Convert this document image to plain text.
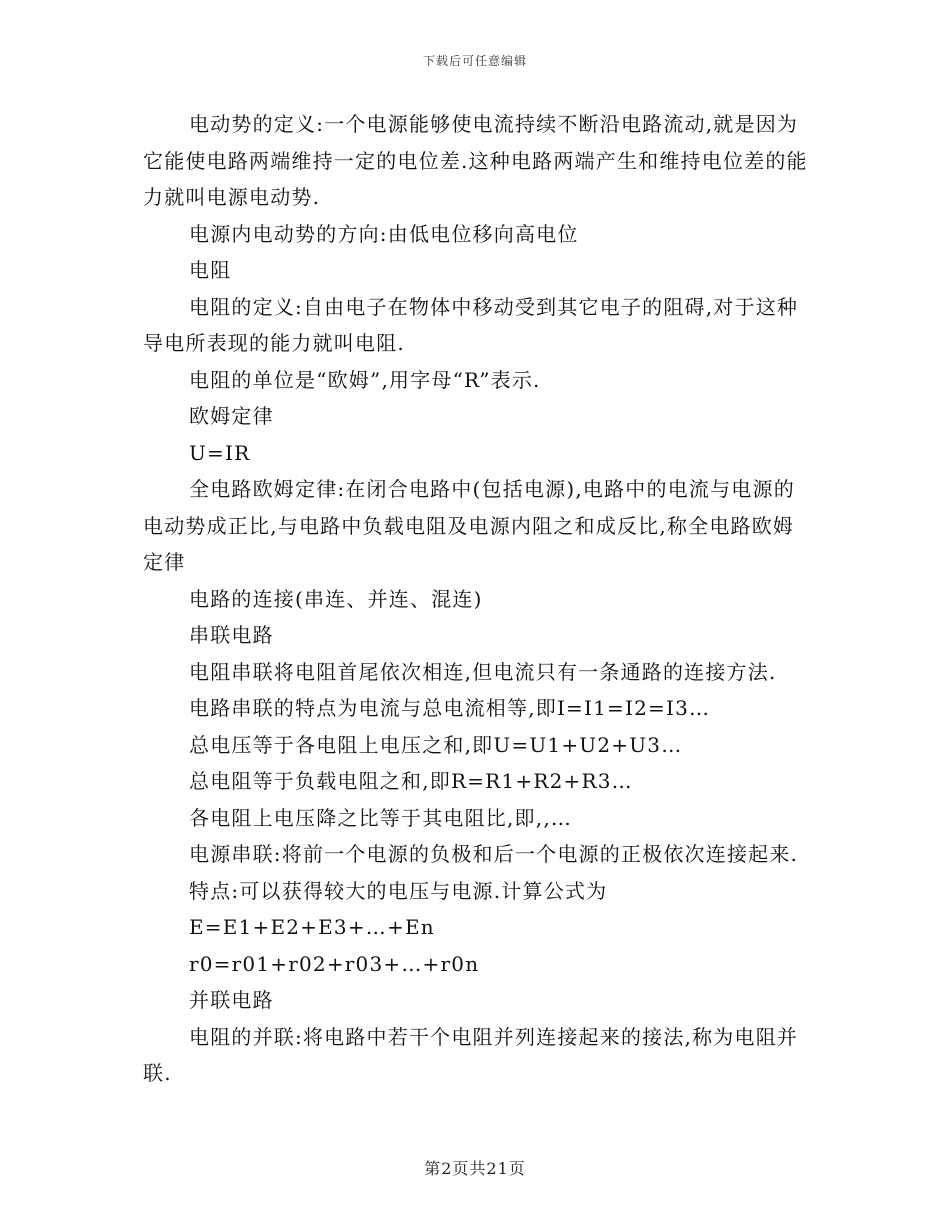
下载后可任意编辑

电动势的定义:一个电源能够使电流持续不断沿电路流动,就是因为它能使电路两端维持一定的电位差.这种电路两端产生和维持电位差的能力就叫电源电动势.

电源内电动势的方向:由低电位移向高电位

电阻

电阻的定义:自由电子在物体中移动受到其它电子的阻碍,对于这种导电所表现的能力就叫电阻.

电阻的单位是“欧姆”,用字母“R”表示.

欧姆定律

U=IR

全电路欧姆定律:在闭合电路中(包括电源),电路中的电流与电源的电动势成正比,与电路中负载电阻及电源内阻之和成反比,称全电路欧姆定律

电路的连接(串连、并连、混连)

串联电路

电阻串联将电阻首尾依次相连,但电流只有一条通路的连接方法.

电路串联的特点为电流与总电流相等,即I=I1=I2=I3…

总电压等于各电阻上电压之和,即U=U1+U2+U3…

总电阻等于负载电阻之和,即R=R1+R2+R3…

各电阻上电压降之比等于其电阻比,即,,…

电源串联:将前一个电源的负极和后一个电源的正极依次连接起来.

特点:可以获得较大的电压与电源.计算公式为

E=E1+E2+E3+…+En

r0=r01+r02+r03+…+r0n

并联电路

电阻的并联:将电路中若干个电阻并列连接起来的接法,称为电阻并联.

第2页共21页
